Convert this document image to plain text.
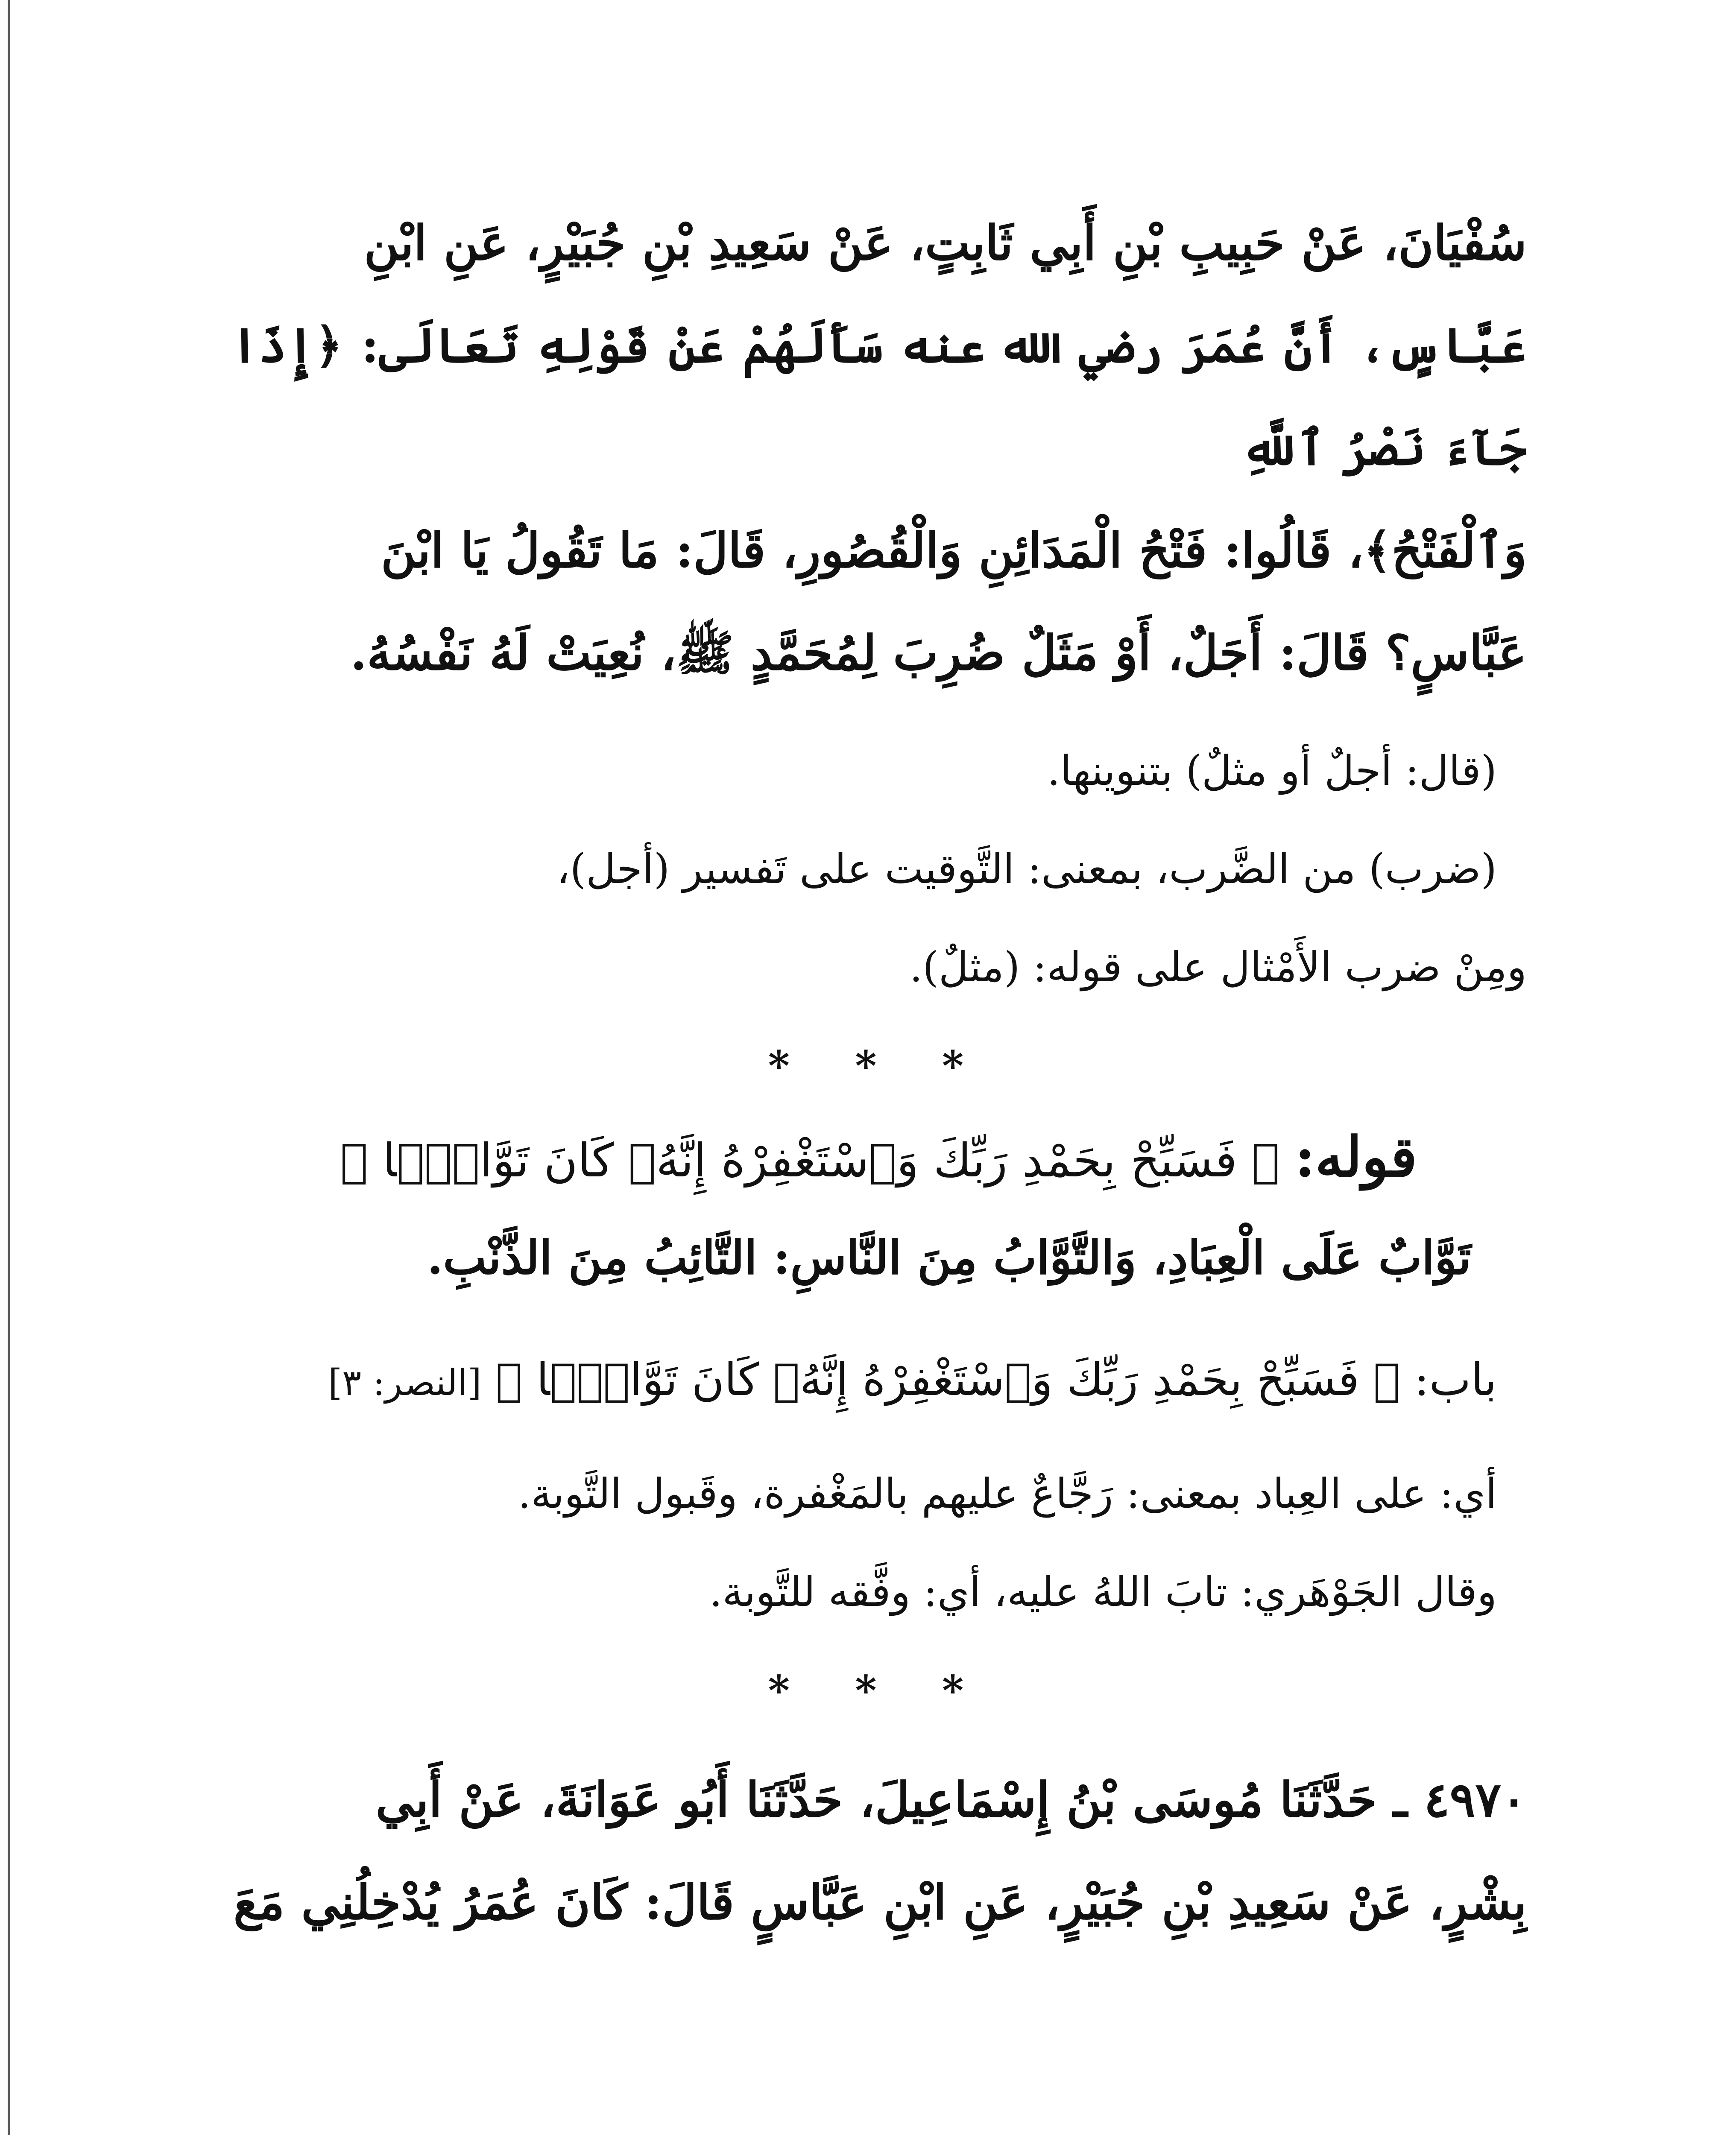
سُفْيَانَ، عَنْ حَبِيبِ بْنِ أَبِي ثَابِتٍ، عَنْ سَعِيدِ بْنِ جُبَيْرٍ، عَنِ ابْنِ

عَبَّاسٍ، أَنَّ عُمَرَ رضي الله عنه سَأَلَهُمْ عَنْ قَوْلِهِ تَعَالَى: ﴿إِذَا جَآءَ نَصْرُ ٱللَّهِ

وَٱلْفَتْحُ﴾، قَالُوا: فَتْحُ الْمَدَائِنِ وَالْقُصُورِ، قَالَ: مَا تَقُولُ يَا ابْنَ

عَبَّاسٍ؟ قَالَ: أَجَلٌ، أَوْ مَثَلٌ ضُرِبَ لِمُحَمَّدٍ ﷺ، نُعِيَتْ لَهُ نَفْسُهُ.

(قال: أجلٌ أو مثلٌ) بتنوينها.

(ضرب) من الضَّرب، بمعنى: التَّوقيت على تَفسير (أجل)،

ومِنْ ضرب الأَمْثال على قوله: (مثلٌ).

* * *
قوله: ﴿ فَسَبِّحْ بِحَمْدِ رَبِّكَ وَٱسْتَغْفِرْهُ إِنَّهُۥ كَانَ تَوَّابَۢا ﴾

تَوَّابٌ عَلَى الْعِبَادِ، وَالتَّوَّابُ مِنَ النَّاسِ: التَّائِبُ مِنَ الذَّنْبِ.

باب: ﴿ فَسَبِّحْ بِحَمْدِ رَبِّكَ وَٱسْتَغْفِرْهُ إِنَّهُۥ كَانَ تَوَّابَۢا ﴾ [النصر: ٣]

أي: على العِباد بمعنى: رَجَّاعٌ عليهم بالمَغْفرة، وقَبول التَّوبة.

وقال الجَوْهَري: تابَ اللهُ عليه، أي: وفَّقه للتَّوبة.

* * *

٤٩٧٠ ـ حَدَّثَنَا مُوسَى بْنُ إِسْمَاعِيلَ، حَدَّثَنَا أَبُو عَوَانَةَ، عَنْ أَبِي

بِشْرٍ، عَنْ سَعِيدِ بْنِ جُبَيْرٍ، عَنِ ابْنِ عَبَّاسٍ قَالَ: كَانَ عُمَرُ يُدْخِلُنِي مَعَ
